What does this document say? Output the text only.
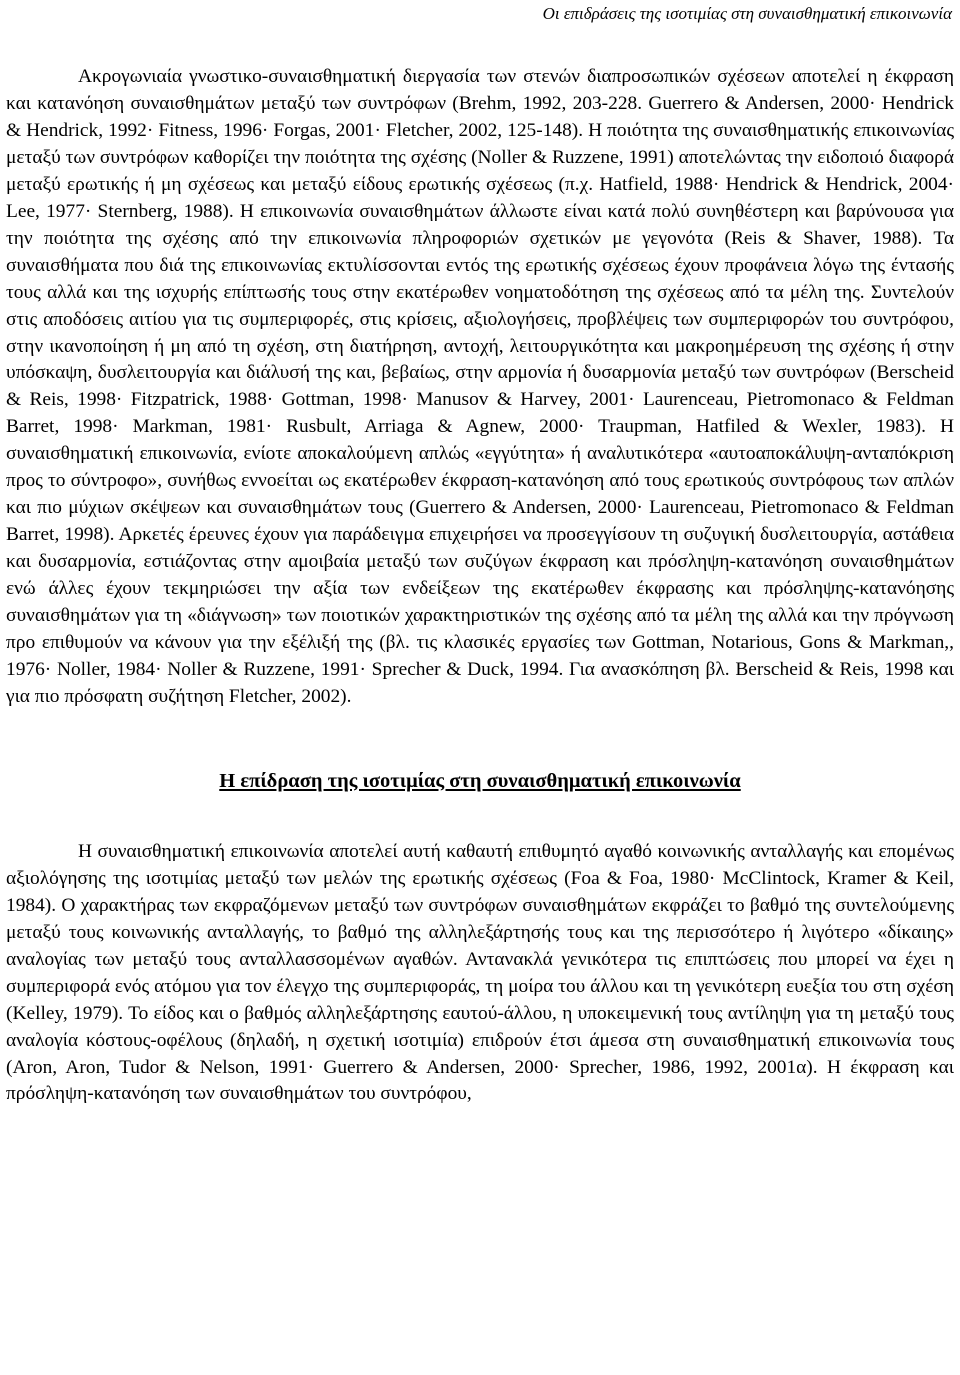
Οι επιδράσεις της ισοτιμίας στη συναισθηματική επικοινωνία

Ακρογωνιαία γνωστικο-συναισθηματική διεργασία των στενών διαπροσωπικών σχέσεων αποτελεί η έκφραση και κατανόηση συναισθημάτων μεταξύ των συντρόφων (Brehm, 1992, 203-228. Guerrero & Andersen, 2000· Hendrick & Hendrick, 1992· Fitness, 1996· Forgas, 2001· Fletcher, 2002, 125-148). Η ποιότητα της συναισθηματικής επικοινωνίας μεταξύ των συντρόφων καθορίζει την ποιότητα της σχέσης (Noller & Ruzzene, 1991) αποτελώντας την ειδοποιό διαφορά μεταξύ ερωτικής ή μη σχέσεως και μεταξύ είδους ερωτικής σχέσεως (π.χ. Hatfield, 1988· Hendrick & Hendrick, 2004· Lee, 1977· Sternberg, 1988). Η επικοινωνία συναισθημάτων άλλωστε είναι κατά πολύ συνηθέστερη και βαρύνουσα για την ποιότητα της σχέσης από την επικοινωνία πληροφοριών σχετικών με γεγονότα (Reis & Shaver, 1988). Τα συναισθήματα που διά της επικοινωνίας εκτυλίσσονται εντός της ερωτικής σχέσεως έχουν προφάνεια λόγω της έντασής τους αλλά και της ισχυρής επίπτωσής τους στην εκατέρωθεν νοηματοδότηση της σχέσεως από τα μέλη της. Συντελούν στις αποδόσεις αιτίου για τις συμπεριφορές, στις κρίσεις, αξιολογήσεις, προβλέψεις των συμπεριφορών του συντρόφου, στην ικανοποίηση ή μη από τη σχέση, στη διατήρηση, αντοχή, λειτουργικότητα και μακροημέρευση της σχέσης ή στην υπόσκαψη, δυσλειτουργία και διάλυσή της και, βεβαίως, στην αρμονία ή δυσαρμονία μεταξύ των συντρόφων (Berscheid & Reis, 1998· Fitzpatrick, 1988· Gottman, 1998· Manusov & Harvey, 2001· Laurenceau, Pietromonaco & Feldman Barret, 1998· Markman, 1981· Rusbult, Arriaga & Agnew, 2000· Traupman, Hatfiled & Wexler, 1983). Η συναισθηματική επικοινωνία, ενίοτε αποκαλούμενη απλώς «εγγύτητα» ή αναλυτικότερα «αυτοαποκάλυψη-ανταπόκριση προς το σύντροφο», συνήθως εννοείται ως εκατέρωθεν έκφραση-κατανόηση από τους ερωτικούς συντρόφους των απλών και πιο μύχιων σκέψεων και συναισθημάτων τους (Guerrero & Andersen, 2000· Laurenceau, Pietromonaco & Feldman Barret, 1998). Αρκετές έρευνες έχουν για παράδειγμα επιχειρήσει να προσεγγίσουν τη συζυγική δυσλειτουργία, αστάθεια και δυσαρμονία, εστιάζοντας στην αμοιβαία μεταξύ των συζύγων έκφραση και πρόσληψη-κατανόηση συναισθημάτων ενώ άλλες έχουν τεκμηριώσει την αξία των ενδείξεων της εκατέρωθεν έκφρασης και πρόσληψης-κατανόησης συναισθημάτων για τη «διάγνωση» των ποιοτικών χαρακτηριστικών της σχέσης από τα μέλη της αλλά και την πρόγνωση προ επιθυμούν να κάνουν για την εξέλιξή της (βλ. τις κλασικές εργασίες των Gottman, Notarious, Gons & Markman,, 1976· Noller, 1984· Noller & Ruzzene, 1991· Sprecher & Duck, 1994. Για ανασκόπηση βλ. Berscheid & Reis, 1998 και για πιο πρόσφατη συζήτηση Fletcher, 2002).

Η επίδραση της ισοτιμίας στη συναισθηματική επικοινωνία

Η συναισθηματική επικοινωνία αποτελεί αυτή καθαυτή επιθυμητό αγαθό κοινωνικής ανταλλαγής και επομένως αξιολόγησης της ισοτιμίας μεταξύ των μελών της ερωτικής σχέσεως (Foa & Foa, 1980· McClintock, Kramer & Keil, 1984). Ο χαρακτήρας των εκφραζόμενων μεταξύ των συντρόφων συναισθημάτων εκφράζει το βαθμό της συντελούμενης μεταξύ τους κοινωνικής ανταλλαγής, το βαθμό της αλληλεξάρτησής τους και της περισσότερο ή λιγότερο «δίκαιης» αναλογίας των μεταξύ τους ανταλλασσομένων αγαθών. Αντανακλά γενικότερα τις επιπτώσεις που μπορεί να έχει η συμπεριφορά ενός ατόμου για τον έλεγχο της συμπεριφοράς, τη μοίρα του άλλου και τη γενικότερη ευεξία του στη σχέση (Kelley, 1979). Το είδος και ο βαθμός αλληλεξάρτησης εαυτού-άλλου, η υποκειμενική τους αντίληψη για τη μεταξύ τους αναλογία κόστους-οφέλους (δηλαδή, η σχετική ισοτιμία) επιδρούν έτσι άμεσα στη συναισθηματική επικοινωνία τους (Aron, Aron, Tudor & Nelson, 1991· Guerrero & Andersen, 2000· Sprecher, 1986, 1992, 2001α). Η έκφραση και πρόσληψη-κατανόηση των συναισθημάτων του συντρόφου,
